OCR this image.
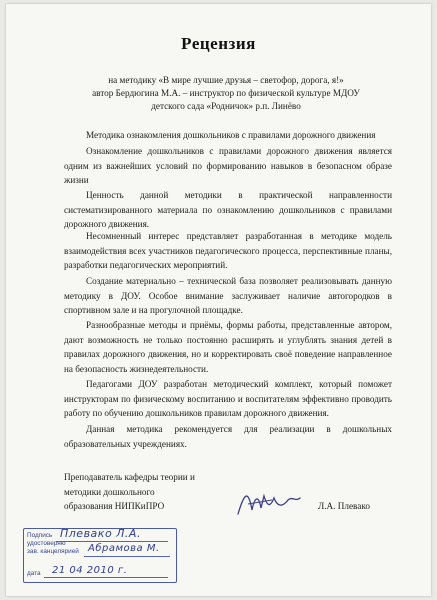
Рецензия
на методику «В мире лучшие друзья – светофор, дорога, я!»
автор Бердюгина М.А. – инструктор по физической культуре МДОУ
детского сада «Родничок» р.п. Линёво
Методика ознакомления дошкольников с правилами дорожного движения
Ознакомление дошкольников с правилами дорожного движения является одним из важнейших условий по формированию навыков в безопасном образе жизни
Ценность данной методики в практической направленности систематизированного материала по ознакомлению дошкольников с правилами дорожного движения.
Несомненный интерес представляет разработанная в методике модель взаимодействия всех участников педагогического процесса, перспективные планы, разработки педагогических мероприятий.
Создание материально – технической база позволяет реализовывать данную методику в ДОУ. Особое внимание заслуживает наличие автогородков в спортивном зале и на прогулочной площадке.
Разнообразные методы и приёмы, формы работы, представленные автором, дают возможность не только постоянно расширять и углублять знания детей в правилах дорожного движения, но и корректировать своё поведение направленное на безопасность жизнедеятельности.
Педагогами ДОУ разработан методический комплект, который поможет инструкторам по физическому воспитанию и воспитателям эффективно проводить работу по обучению дошкольников правилам дорожного движения.
Данная методика рекомендуется для реализации в дошкольных образовательных учреждениях.
Преподаватель кафедры теории и
методики дошкольного
образования НИПКиПРО	Л.А. Плевако
Подпись
удостоверяю
зав. канцелярией
дата
Плевако Л.А.
Абрамова М.
21 04 2010 г.
